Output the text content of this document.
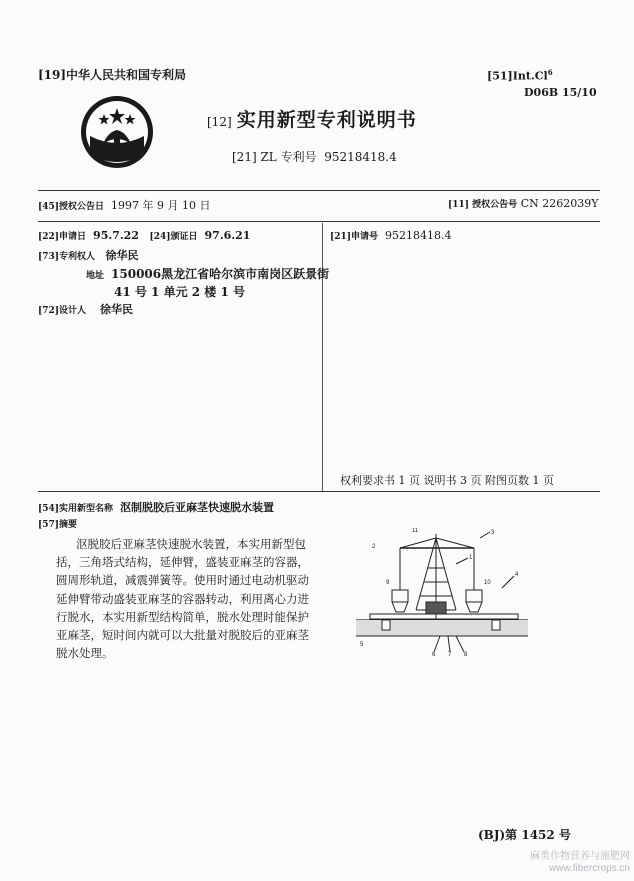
[19]中华人民共和国专利局	[51]Int.Cl$^6$
D06B 15/10
[12] 实用新型专利说明书
[21] ZL 专利号 95218418.4
[45]授权公告日 1997 年 9 月 10 日	[11] 授权公告号 CN 2262039Y
[22]申请日 95.7.22 [24]颁证日 97.6.21	[21]申请号 95218418.4
[73]专利权人 徐华民
地址 150006黑龙江省哈尔滨市南岗区跃景街
41 号 1 单元 2 楼 1 号
[72]设计人 徐华民
权利要求书 1 页 说明书 3 页 附图页数 1 页
[54]实用新型名称 沤制脱胶后亚麻茎快速脱水装置
[57]摘要
沤脱胶后亚麻茎快速脱水装置，本实用新型包
括，三角塔式结构，延伸臂，盛装亚麻茎的容器，
圆周形轨道，减震弹簧等。使用时通过电动机驱动
延伸臂带动盛装亚麻茎的容器转动，利用离心力进
行脱水，本实用新型结构简单，脱水处理时能保护
亚麻茎，短时间内就可以大批量对脱胶后的亚麻茎
脱水处理。
3
1
2
4
5
6 7 8
9	10
11
(BJ)第 1452 号
麻类作物营养与施肥网
www.fibercrops.cn
